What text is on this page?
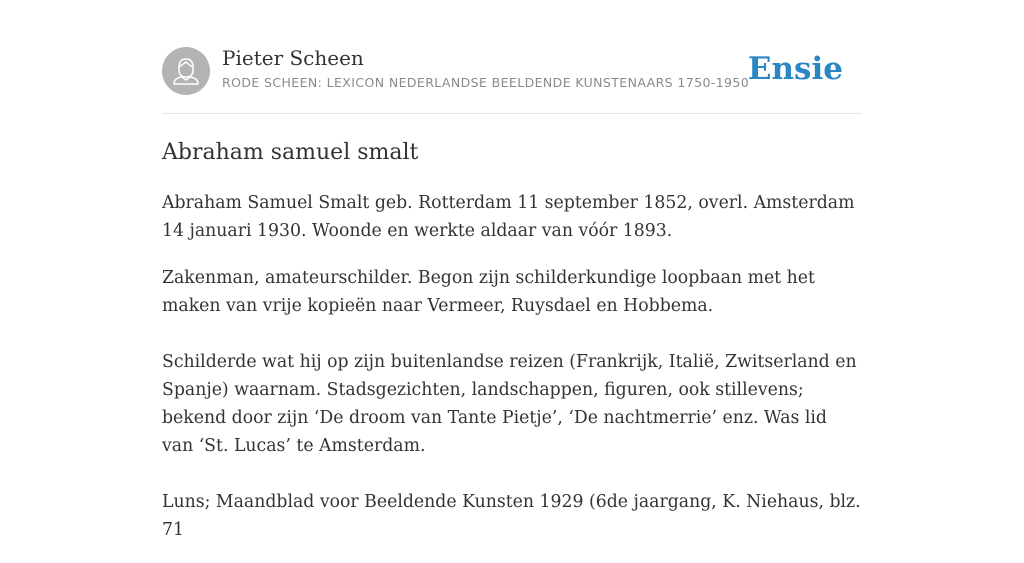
Pieter Scheen
RODE SCHEEN: LEXICON NEDERLANDSE BEELDENDE KUNSTENAARS 1750-1950
Ensie
Abraham samuel smalt

Abraham Samuel Smalt geb. Rotterdam 11 september 1852, overl. Amsterdam 14 januari 1930. Woonde en werkte aldaar van vóór 1893.

Zakenman, amateurschilder. Begon zijn schilderkundige loopbaan met het maken van vrije kopieën naar Vermeer, Ruysdael en Hobbema.

Schilderde wat hij op zijn buitenlandse reizen (Frankrijk, Italië, Zwitserland en Spanje) waarnam. Stadsgezichten, landschappen, figuren, ook stillevens; bekend door zijn ‘De droom van Tante Pietje’, ‘De nachtmerrie’ enz. Was lid van ‘St. Lucas’ te Amsterdam.

Luns; Maandblad voor Beeldende Kunsten 1929 (6de jaargang, K. Niehaus, blz. 71
